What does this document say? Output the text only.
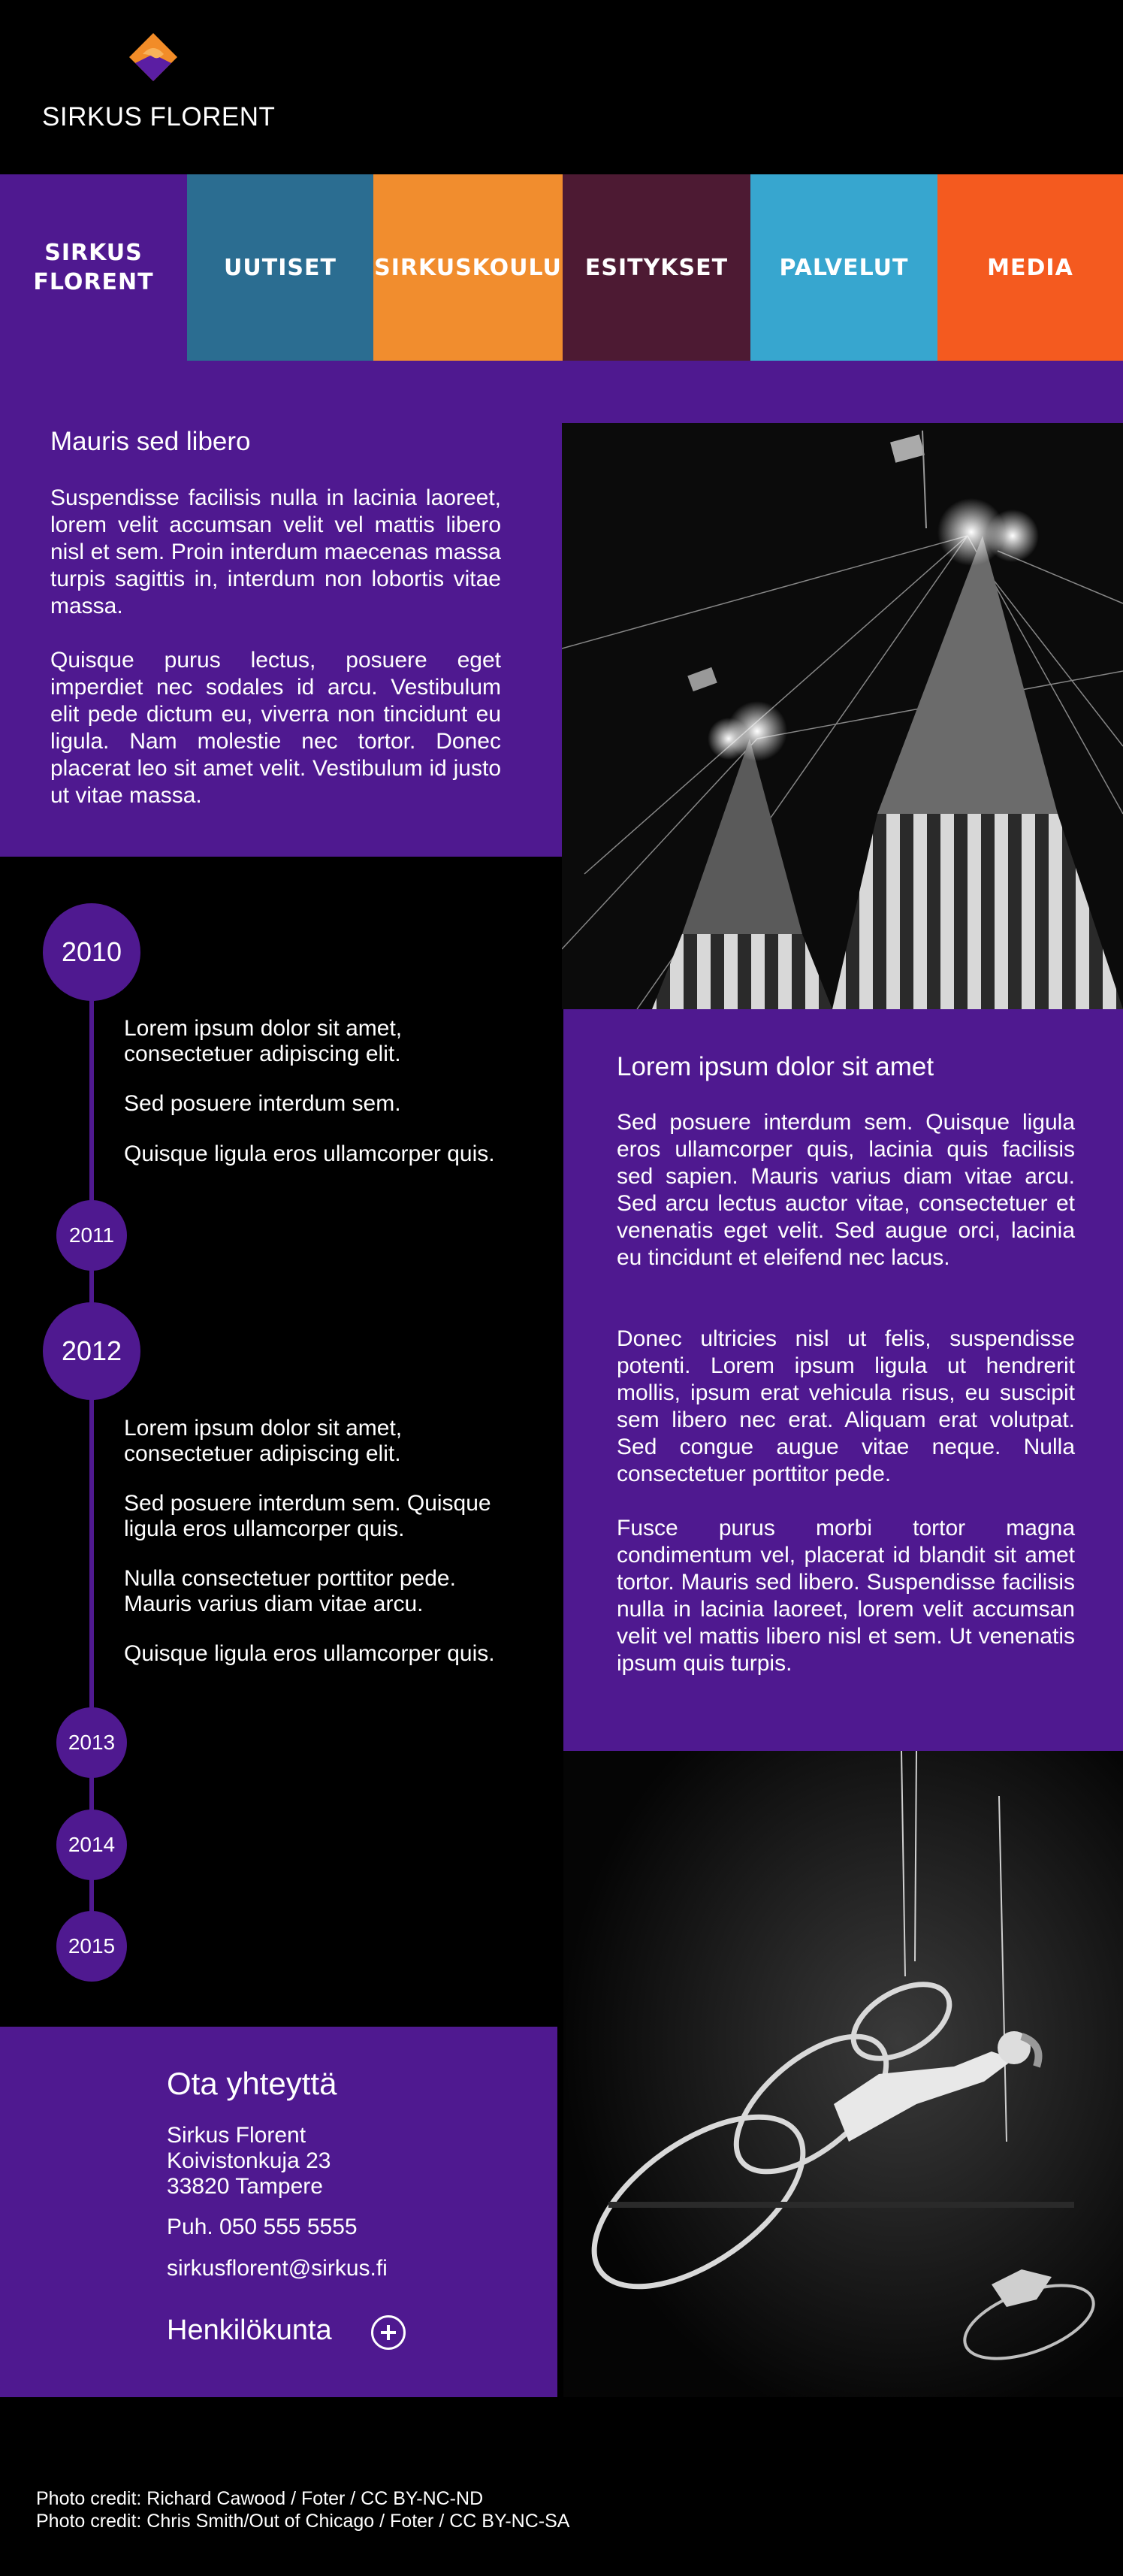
SIRKUS FLORENT
SIRKUS
FLORENT
UUTISET SIRKUSKOULU ESITYKSET PALVELUT	MEDIA
Mauris sed libero
Suspendisse facilisis nulla in lacinia laoreet, lorem velit accumsan velit vel mattis libero nisl et sem. Proin interdum maecenas massa turpis sagittis in, interdum non lobortis vitae massa.
Quisque purus lectus, posuere eget imperdiet nec sodales id arcu. Vestibulum elit pede dictum eu, viverra non tincidunt eu ligula. Nam molestie nec tortor. Donec placerat leo sit amet velit. Vestibulum id justo ut vitae massa.
Lorem ipsum dolor sit amet
Sed posuere interdum sem. Quisque ligula eros ullamcorper quis, lacinia quis facilisis sed sapien. Mauris varius diam vitae arcu. Sed arcu lectus auctor vitae, consectetuer et venenatis eget velit. Sed augue orci, lacinia eu tincidunt et eleifend nec lacus.
Donec ultricies nisl ut felis, suspendisse potenti. Lorem ipsum ligula ut hendrerit mollis, ipsum erat vehicula risus, eu suscipit sem libero nec erat. Aliquam erat volutpat. Sed congue augue vitae neque. Nulla consectetuer porttitor pede.
Fusce purus morbi tortor magna condimentum vel, placerat id blandit sit amet tortor. Mauris sed libero. Suspendisse facilisis nulla in lacinia laoreet, lorem velit accumsan velit vel mattis libero nisl et sem. Ut venenatis ipsum quis turpis.
2010
Lorem ipsum dolor sit amet, consectetuer adipiscing elit.
Sed posuere interdum sem.
Quisque ligula eros ullamcorper quis.
2011
2012
Lorem ipsum dolor sit amet, consectetuer adipiscing elit.
Sed posuere interdum sem. Quisque ligula eros ullamcorper quis.
Nulla consectetuer porttitor pede. Mauris varius diam vitae arcu.
Quisque ligula eros ullamcorper quis.
2013
2014
2015
Ota yhteyttä
Sirkus Florent
Koivistonkuja 23
33820 Tampere
Puh. 050 555 5555
sirkusflorent@sirkus.fi
Henkilökunta
Photo credit: Richard Cawood / Foter / CC BY-NC-ND
Photo credit: Chris Smith/Out of Chicago / Foter / CC BY-NC-SA
